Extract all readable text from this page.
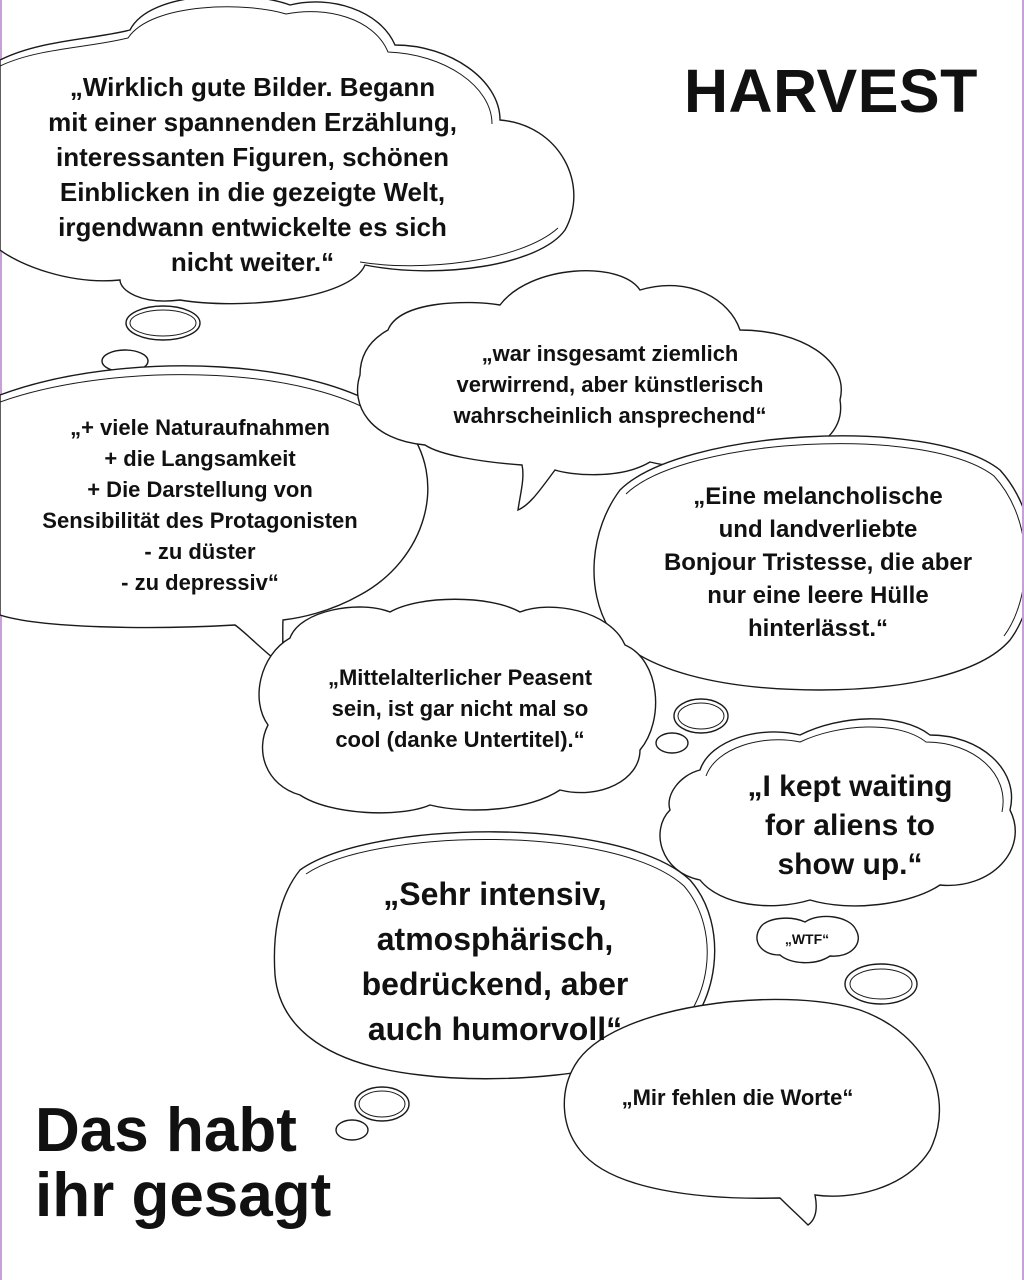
HARVEST
Das habt
ihr gesagt

„Wirklich gute Bilder. Begann
mit einer spannenden Erzählung,
interessanten Figuren, schönen
Einblicken in die gezeigte Welt,
irgendwann entwickelte es sich
nicht weiter.“

„war insgesamt ziemlich
verwirrend, aber künstlerisch
wahrscheinlich ansprechend“

„+ viele Naturaufnahmen
+ die Langsamkeit
+ Die Darstellung von
Sensibilität des Protagonisten
- zu düster
- zu depressiv“

„Eine melancholische
und landverliebte
Bonjour Tristesse, die aber
nur eine leere Hülle
hinterlässt.“

„Mittelalterlicher Peasent
sein, ist gar nicht mal so
cool (danke Untertitel).“

„I kept waiting
for aliens to
show up.“

„WTF“

„Sehr intensiv,
atmosphärisch,
bedrückend, aber
auch humorvoll“

„Mir fehlen die Worte“
